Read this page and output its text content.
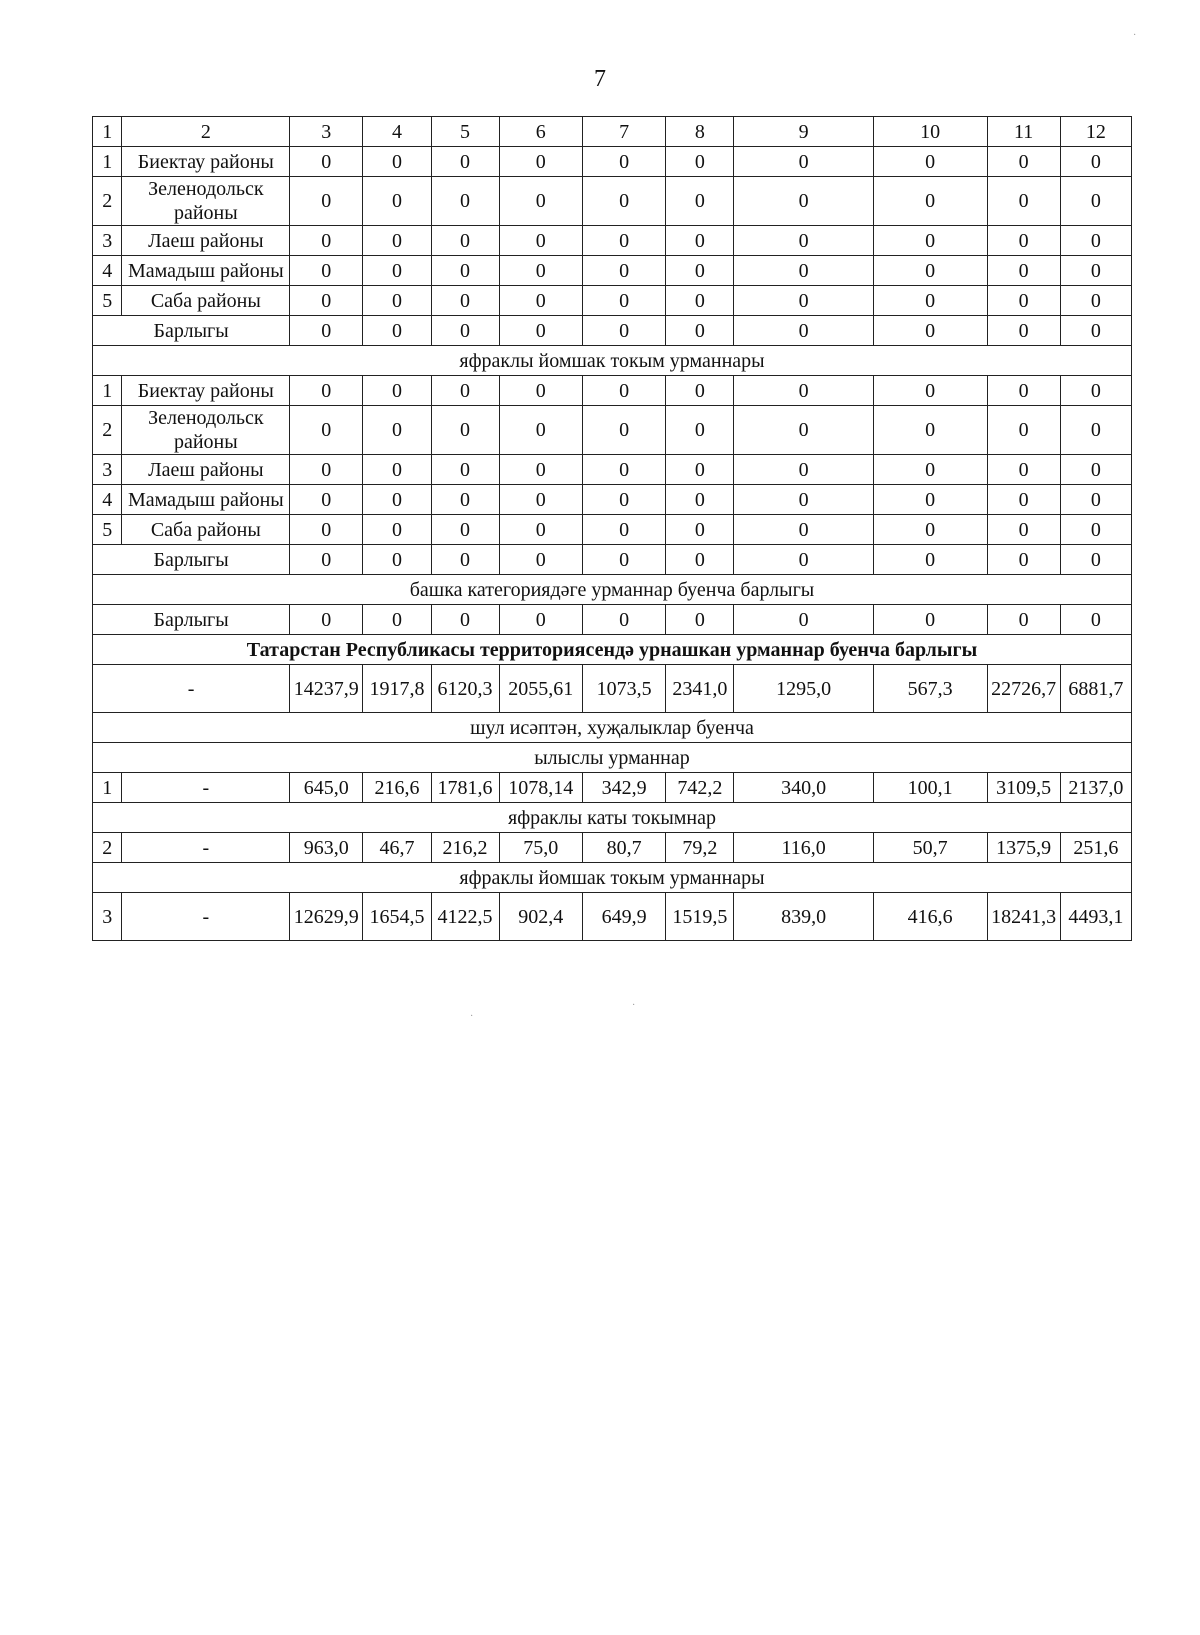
7
1	2	3	4	5	6	7	8	9	10	11	12
1	Биектау районы	0	0	0	0	0	0	0	0	0	0
2	Зеленодольск районы	0	0	0	0	0	0	0	0	0	0
3	Лаеш районы	0	0	0	0	0	0	0	0	0	0
4	Мамадыш районы	0	0	0	0	0	0	0	0	0	0
5	Саба районы	0	0	0	0	0	0	0	0	0	0
Барлыгы		0	0	0	0	0	0	0	0	0	0
яфраклы йомшак токым урманнары											
1	Биектау районы	0	0	0	0	0	0	0	0	0	0
2	Зеленодольск районы	0	0	0	0	0	0	0	0	0	0
3	Лаеш районы	0	0	0	0	0	0	0	0	0	0
4	Мамадыш районы	0	0	0	0	0	0	0	0	0	0
5	Саба районы	0	0	0	0	0	0	0	0	0	0
Барлыгы		0	0	0	0	0	0	0	0	0	0
башка категориядәге урманнар буенча барлыгы											
Барлыгы		0	0	0	0	0	0	0	0	0	0
Татарстан Республикасы территориясендә урнашкан урманнар буенча барлыгы											
-		14237,9	1917,8	6120,3	2055,61	1073,5	2341,0	1295,0	567,3	22726,7	6881,7
шул исәптән, хуҗалыклар буенча											
ылыслы урманнар											
1	-	645,0	216,6	1781,6	1078,14	342,9	742,2	340,0	100,1	3109,5	2137,0
яфраклы каты токымнар											
2	-	963,0	46,7	216,2	75,0	80,7	79,2	116,0	50,7	1375,9	251,6
яфраклы йомшак токым урманнары											
3	-	12629,9	1654,5	4122,5	902,4	649,9	1519,5	839,0	416,6	18241,3	4493,1
·
·
·
